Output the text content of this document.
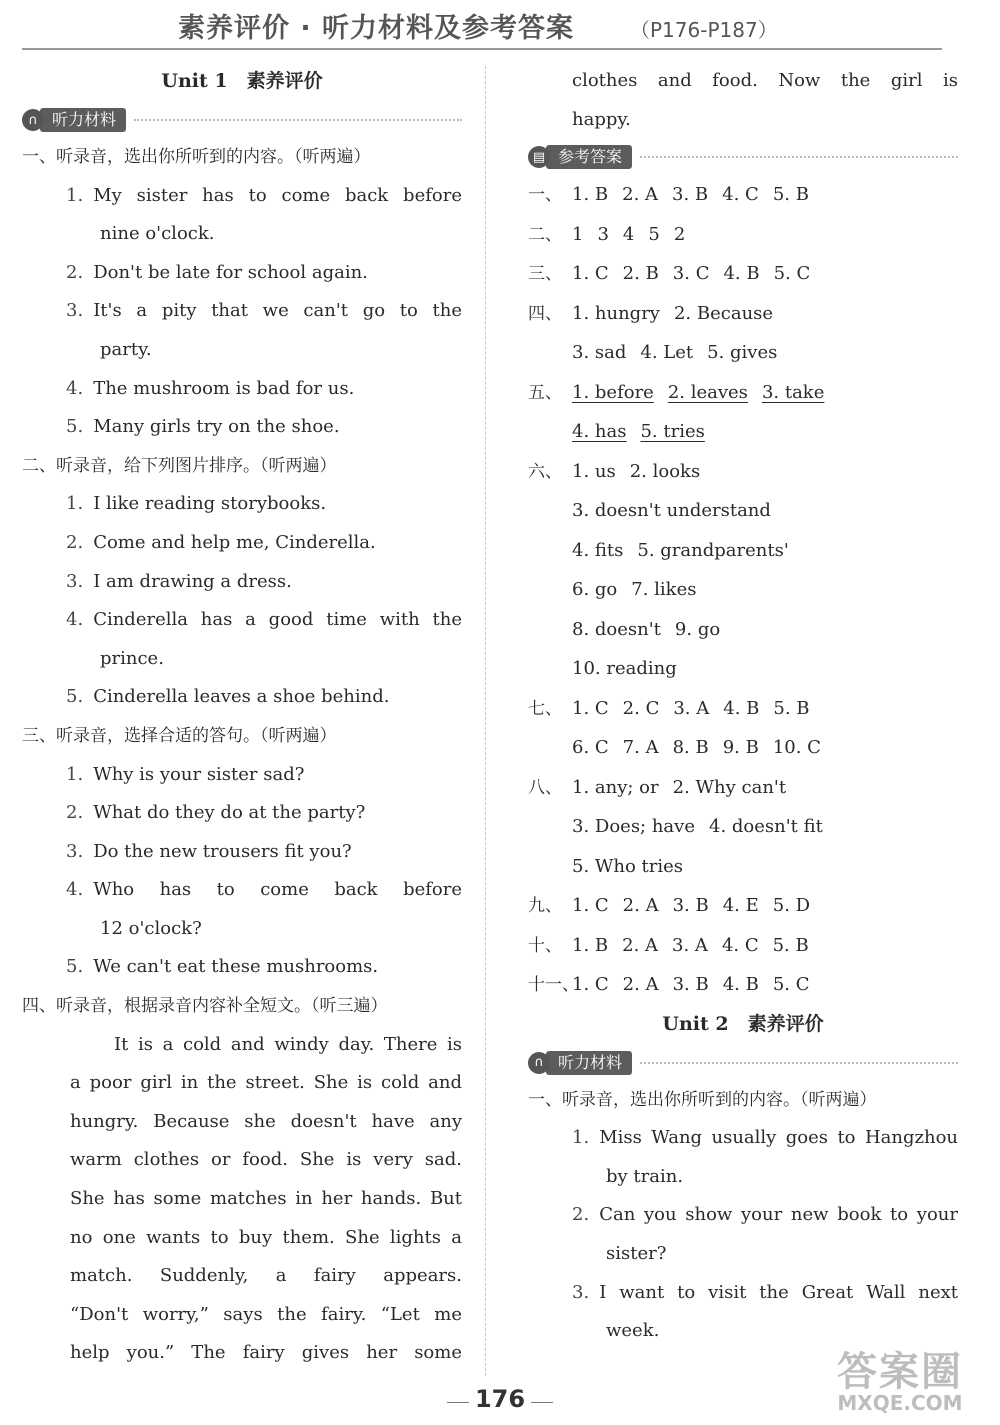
素养评价 · 听力材料及参考答案	（P176-P187）
Unit 1　素养评价
∩ 听力材料
一、听录音，选出你所听到的内容。（听两遍）
1. My sister has to come back before
nine o'clock.
2. Don't be late for school again.
3. It's a pity that we can't go to the
party.
4. The mushroom is bad for us.
5. Many girls try on the shoe.
二、听录音，给下列图片排序。（听两遍）
1. I like reading storybooks.
2. Come and help me, Cinderella.
3. I am drawing a dress.
4. Cinderella has a good time with the
prince.
5. Cinderella leaves a shoe behind.
三、听录音，选择合适的答句。（听两遍）
1. Why is your sister sad?
2. What do they do at the party?
3. Do the new trousers fit you?
4. Who has to come back before
12 o'clock?
5. We can't eat these mushrooms.
四、听录音，根据录音内容补全短文。（听三遍）
It is a cold and windy day. There is
a poor girl in the street. She is cold and
hungry. Because she doesn't have any
warm clothes or food. She is very sad.
She has some matches in her hands. But
no one wants to buy them. She lights a
match. Suddenly, a fairy appears.
“Don't worry,” says the fairy. “Let me
help you.” The fairy gives her some
clothes and food. Now the girl is
happy.
▤ 参考答案
一、 1. B 2. A 3. B 4. C 5. B
二、 1 3 4 5 2
三、 1. C 2. B 3. C 4. B 5. C
四、 1. hungry 2. Because
3. sad 4. Let 5. gives
五、 1. before 2. leaves 3. take
4. has 5. tries
六、 1. us 2. looks
3. doesn't understand
4. fits 5. grandparents'
6. go 7. likes
8. doesn't 9. go
10. reading
七、 1. C 2. C 3. A 4. B 5. B
6. C 7. A 8. B 9. B 10. C
八、 1. any; or 2. Why can't
3. Does; have 4. doesn't fit
5. Who tries
九、 1. C 2. A 3. B 4. E 5. D
十、 1. B 2. A 3. A 4. C 5. B
十一、1. C 2. A 3. B 4. B 5. C
Unit 2　素养评价
∩ 听力材料
一、听录音，选出你所听到的内容。（听两遍）
1. Miss Wang usually goes to Hangzhou
by train.
2. Can you show your new book to your
sister?
3. I want to visit the Great Wall next
week.
176
答案圈
MXQE.COM
